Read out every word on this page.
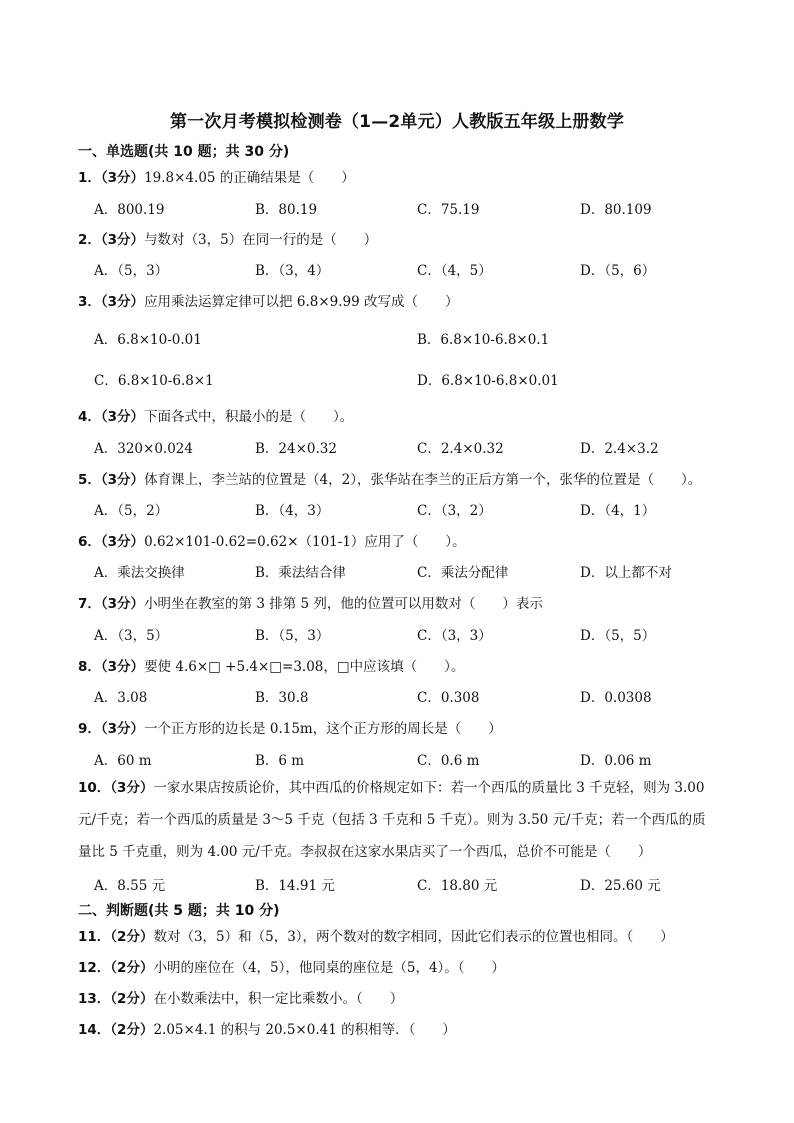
第一次月考模拟检测卷（1—2单元）人教版五年级上册数学
一、单选题(共 10 题；共 30 分)
1．（3分）19.8×4.05 的正确结果是（　　）
A．800.19	B．80.19	C．75.19	D．80.109
2．（3分）与数对（3，5）在同一行的是（　　）
A．（5，3）	B．（3，4）	C．（4，5）	D．（5，6）
3．（3分）应用乘法运算定律可以把 6.8×9.99 改写成（　　）
A．6.8×10-0.01	B．6.8×10-6.8×0.1
C．6.8×10-6.8×1	D．6.8×10-6.8×0.01
4．（3分）下面各式中，积最小的是（　　）。
A．320×0.024	B．24×0.32	C．2.4×0.32	D．2.4×3.2
5．（3分）体育课上，李兰站的位置是（4，2），张华站在李兰的正后方第一个，张华的位置是（　　）。
A．（5，2）	B．（4，3）	C．（3，2）	D．（4，1）
6．（3分）0.62×101-0.62=0.62×（101-1）应用了（　　）。
A．乘法交换律	B．乘法结合律	C．乘法分配律	D．以上都不对
7．（3分）小明坐在教室的第 3 排第 5 列，他的位置可以用数对（　　）表示
A．（3，5）	B．（5，3）	C．（3，3）	D．（5，5）
8．（3分）要使 4.6×□ +5.4×□=3.08，□中应该填（　　）。
A．3.08	B．30.8	C．0.308	D．0.0308
9．（3分）一个正方形的边长是 0.15m，这个正方形的周长是（　　）
A．60 m	B．6 m	C．0.6 m	D．0.06 m
10．（3分）一家水果店按质论价，其中西瓜的价格规定如下：若一个西瓜的质量比 3 千克轻，则为 3.00
元/千克；若一个西瓜的质量是 3～5 千克（包括 3 千克和 5 千克）。则为 3.50 元/千克；若一个西瓜的质
量比 5 千克重，则为 4.00 元/千克。李叔叔在这家水果店买了一个西瓜，总价不可能是（　　）
A．8.55 元	B．14.91 元	C．18.80 元	D．25.60 元
二、判断题(共 5 题；共 10 分)
11．（2分）数对（3，5）和（5，3），两个数对的数字相同，因此它们表示的位置也相同。（　　）
12．（2分）小明的座位在（4，5），他同桌的座位是（5，4）。（　　）
13．（2分）在小数乘法中，积一定比乘数小。（　　）
14．（2分）2.05×4.1 的积与 20.5×0.41 的积相等．（　　）
